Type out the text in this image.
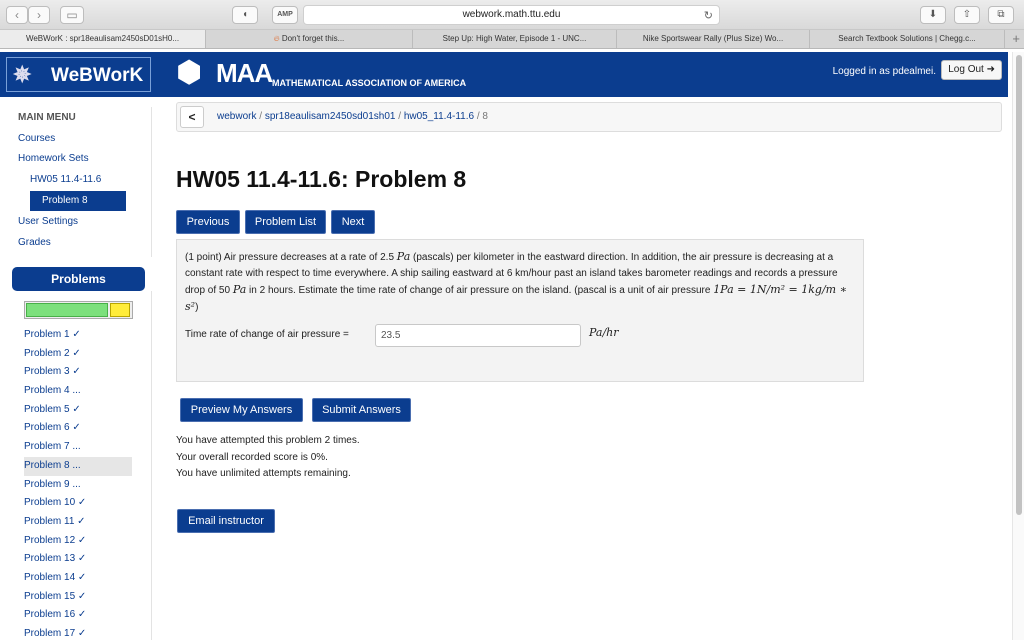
‹	›	▭	◖	AMP	webwork.math.ttu.edu	↻	⬇	⇧	⧉
WeBWorK : spr18eaulisam2450sD01sH0...	🔥︎ Don't forget this...	Step Up: High Water, Episode 1 - UNC...	Nike Sportswear Rally (Plus Size) Wo...	Search Textbook Solutions | Chegg.c...	+
✵ WeBWorK ⬢ MAA MATHEMATICAL ASSOCIATION OF AMERICA
Logged in as pdealmei.	Log Out ➜
MAIN MENU
Courses
Homework Sets
HW05 11.4-11.6
Problem 8
User Settings
Grades
Problems
Problem 1 ✓
Problem 2 ✓
Problem 3 ✓
Problem 4 ...
Problem 5 ✓
Problem 6 ✓
Problem 7 ...
Problem 8 ...
Problem 9 ...
Problem 10 ✓
Problem 11 ✓
Problem 12 ✓
Problem 13 ✓
Problem 14 ✓
Problem 15 ✓
Problem 16 ✓
Problem 17 ✓
<	webwork / spr18eaulisam2450sd01sh01 / hw05_11.4-11.6 / 8
HW05 11.4-11.6: Problem 8
Previous	Problem List	Next
(1 point) Air pressure decreases at a rate of 2.5 Pa (pascals) per kilometer in the eastward direction. In addition, the air pressure is decreasing at a constant rate with respect to time everywhere. A ship sailing eastward at 6 km/hour past an island takes barometer readings and records a pressure drop of 50 Pa in 2 hours. Estimate the time rate of change of air pressure on the island. (pascal is a unit of air pressure 1Pa = 1N/m² = 1kg/m ∗ s²)
Time rate of change of air pressure =
23.5	Pa/hr
Preview My Answers	Submit Answers
You have attempted this problem 2 times.
Your overall recorded score is 0%.
You have unlimited attempts remaining.
Email instructor
